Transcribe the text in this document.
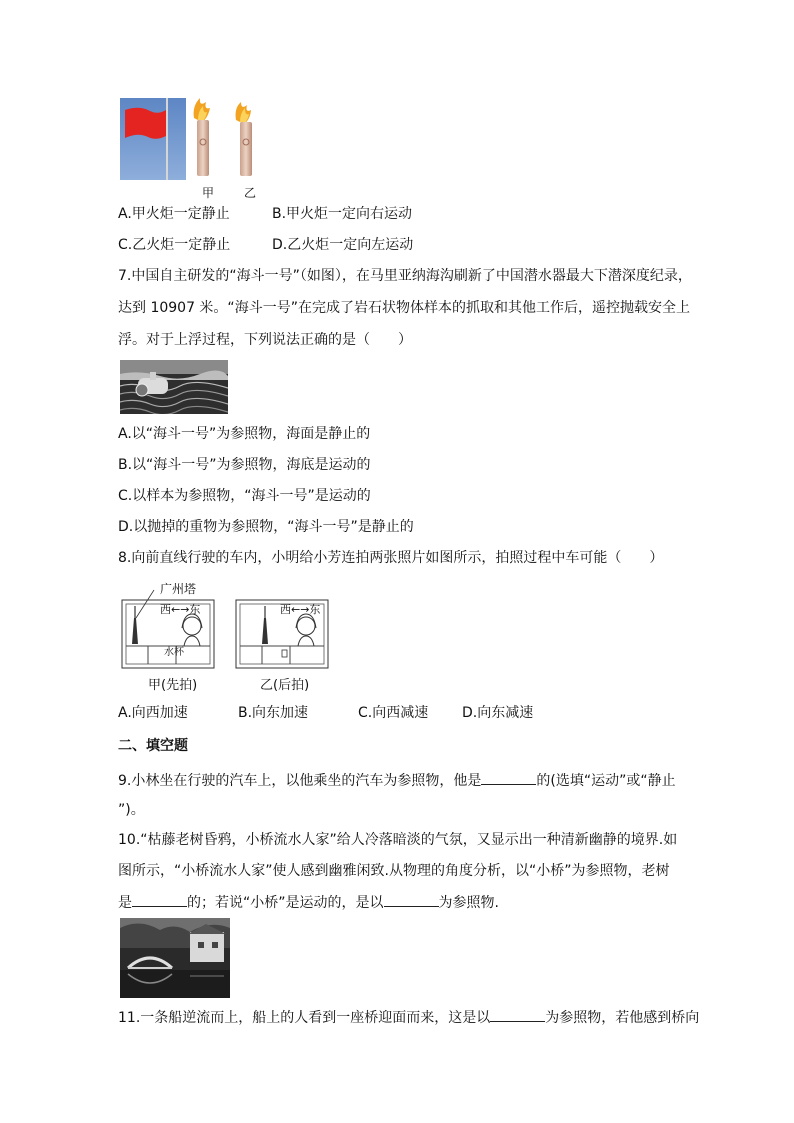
甲 乙
A.甲火炬一定静止	B.甲火炬一定向右运动
C.乙火炬一定静止	D.乙火炬一定向左运动
7.中国自主研发的“海斗一号”（如图），在马里亚纳海沟刷新了中国潜水器最大下潜深度纪录，
达到 10907 米。“海斗一号”在完成了岩石状物体样本的抓取和其他工作后，遥控抛载安全上
浮。对于上浮过程，下列说法正确的是（　　）
A.以“海斗一号”为参照物，海面是静止的
B.以“海斗一号”为参照物，海底是运动的
C.以样本为参照物，“海斗一号”是运动的
D.以抛掉的重物为参照物，“海斗一号”是静止的
8.向前直线行驶的车内，小明给小芳连拍两张照片如图所示，拍照过程中车可能（　　）
广州塔
西←→东	西←→东
水杯
甲(先拍)	乙(后拍)
A.向西加速	B.向东加速	C.向西减速 D.向东减速
二、填空题
9.小林坐在行驶的汽车上，以他乘坐的汽车为参照物，他是	的(选填“运动”或“静止
”)。
10.“枯藤老树昏鸦，小桥流水人家”给人冷落暗淡的气氛，又显示出一种清新幽静的境界.如
图所示，“小桥流水人家”使人感到幽雅闲致.从物理的角度分析，以“小桥”为参照物，老树
是	的；若说“小桥”是运动的，是以	为参照物.
11.一条船逆流而上，船上的人看到一座桥迎面而来，这是以	为参照物，若他感到桥向
